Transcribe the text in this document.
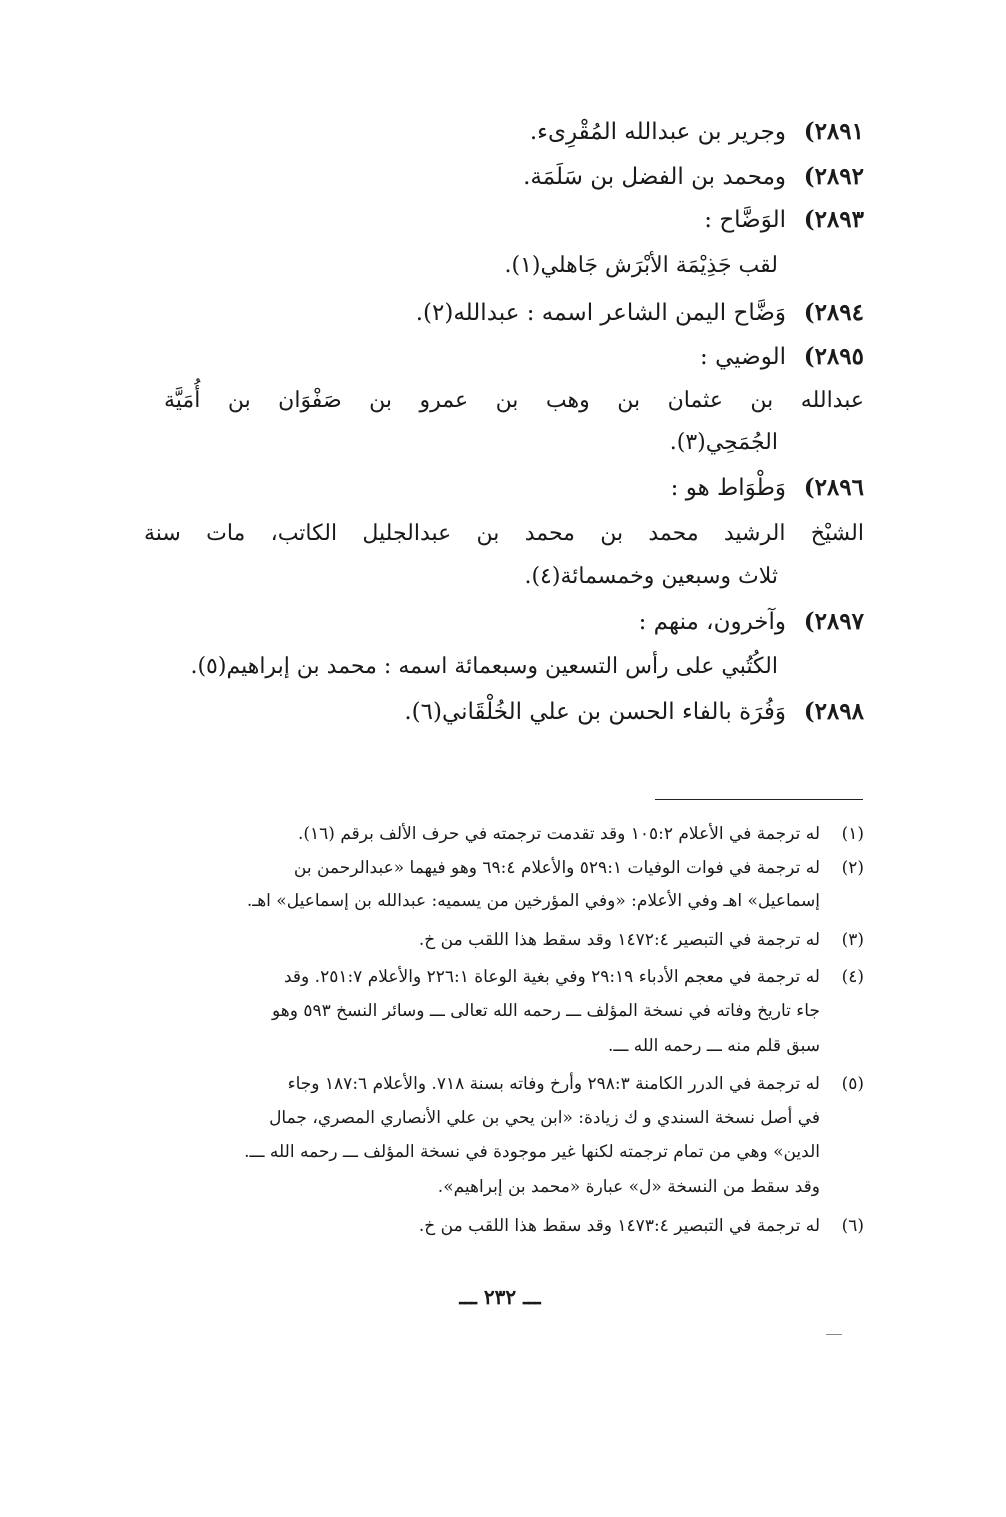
٢٨٩١)وجرير بن عبدالله المُقْرِىء.
٢٨٩٢)ومحمد بن الفضل بن سَلَمَة.
٢٨٩٣)الوَضَّاح :
لقب جَذِيْمَة الأبْرَش جَاهلي(١).
٢٨٩٤)وَضَّاح اليمن الشاعر اسمه : عبدالله(٢).
٢٨٩٥)الوضيي :
عبدالله بن عثمان بن وهب بن عمرو بن صَفْوَان بن أُمَيَّة
الجُمَحِي(٣).
٢٨٩٦)وَطْوَاط هو :
الشيْخ الرشيد محمد بن محمد بن عبدالجليل الكاتب، مات سنة
ثلاث وسبعين وخمسمائة(٤).
٢٨٩٧)وآخرون، منهم :
الكُتُبي على رأس التسعين وسبعمائة اسمه : محمد بن إبراهيم(٥).
٢٨٩٨)وَفُرَة بالفاء الحسن بن علي الخُلْقَاني(٦).
(١)له ترجمة في الأعلام ١٠٥:٢ وقد تقدمت ترجمته في حرف الألف برقم (١٦).
(٢)له ترجمة في فوات الوفيات ٥٢٩:١ والأعلام ٦٩:٤ وهو فيهما «عبدالرحمن بن
إسماعيل» اهـ وفي الأعلام: «وفي المؤرخين من يسميه: عبدالله بن إسماعيل» اهـ.
(٣)له ترجمة في التبصير ١٤٧٢:٤ وقد سقط هذا اللقب من خ.
(٤)له ترجمة في معجم الأدباء ٢٩:١٩ وفي بغية الوعاة ٢٢٦:١ والأعلام ٢٥١:٧. وقد
جاء تاريخ وفاته في نسخة المؤلف ـــ رحمه الله تعالى ـــ وسائر النسخ ٥٩٣ وهو
سبق قلم منه ـــ رحمه الله ـــ.
(٥)له ترجمة في الدرر الكامنة ٢٩٨:٣ وأرخ وفاته بسنة ٧١٨. والأعلام ١٨٧:٦ وجاء
في أصل نسخة السندي و ك زيادة: «ابن يحي بن علي الأنصاري المصري، جمال
الدين» وهي من تمام ترجمته لكنها غير موجودة في نسخة المؤلف ـــ رحمه الله ـــ.
وقد سقط من النسخة «ل» عبارة «محمد بن إبراهيم».
(٦)له ترجمة في التبصير ١٤٧٣:٤ وقد سقط هذا اللقب من خ.
ـــ ٢٣٢ ـــ
